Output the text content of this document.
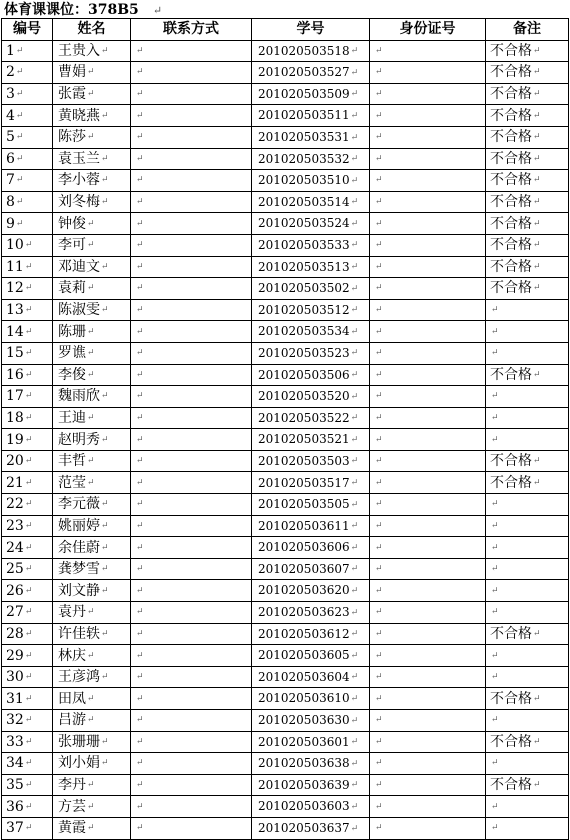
体育课课位：378B5 ↵
编号	姓名	联系方式	学号	身份证号	备注
1↵	王贵入↵	↵	201020503518↵	↵	不合格↵
2↵	曹娟↵	↵	201020503527↵	↵	不合格↵
3↵	张霞↵	↵	201020503509↵	↵	不合格↵
4↵	黄晓燕↵	↵	201020503511↵	↵	不合格↵
5↵	陈莎↵	↵	201020503531↵	↵	不合格↵
6↵	袁玉兰↵	↵	201020503532↵	↵	不合格↵
7↵	李小蓉↵	↵	201020503510↵	↵	不合格↵
8↵	刘冬梅↵	↵	201020503514↵	↵	不合格↵
9↵	钟俊↵	↵	201020503524↵	↵	不合格↵
10↵	李可↵	↵	201020503533↵	↵	不合格↵
11↵	邓迪文↵	↵	201020503513↵	↵	不合格↵
12↵	袁莉↵	↵	201020503502↵	↵	不合格↵
13↵	陈淑雯↵	↵	201020503512↵	↵	↵
14↵	陈珊↵	↵	201020503534↵	↵	↵
15↵	罗谯↵	↵	201020503523↵	↵	↵
16↵	李俊↵	↵	201020503506↵	↵	不合格↵
17↵	魏雨欣↵	↵	201020503520↵	↵	↵
18↵	王迪↵	↵	201020503522↵	↵	↵
19↵	赵明秀↵	↵	201020503521↵	↵	↵
20↵	丰哲↵	↵	201020503503↵	↵	不合格↵
21↵	范莹↵	↵	201020503517↵	↵	不合格↵
22↵	李元薇↵	↵	201020503505↵	↵	↵
23↵	姚丽婷↵	↵	201020503611↵	↵	↵
24↵	余佳蔚↵	↵	201020503606↵	↵	↵
25↵	龚梦雪↵	↵	201020503607↵	↵	↵
26↵	刘文静↵	↵	201020503620↵	↵	↵
27↵	袁丹↵	↵	201020503623↵	↵	↵
28↵	许佳轶↵	↵	201020503612↵	↵	不合格↵
29↵	林庆↵	↵	201020503605↵	↵	↵
30↵	王彦鸿↵	↵	201020503604↵	↵	↵
31↵	田凤↵	↵	201020503610↵	↵	不合格↵
32↵	吕游↵	↵	201020503630↵	↵	↵
33↵	张珊珊↵	↵	201020503601↵	↵	不合格↵
34↵	刘小娟↵	↵	201020503638↵	↵	↵
35↵	李丹↵	↵	201020503639↵	↵	不合格↵
36↵	方芸↵	↵	201020503603↵	↵	↵
37↵	黄霞↵	↵	201020503637↵	↵	↵
